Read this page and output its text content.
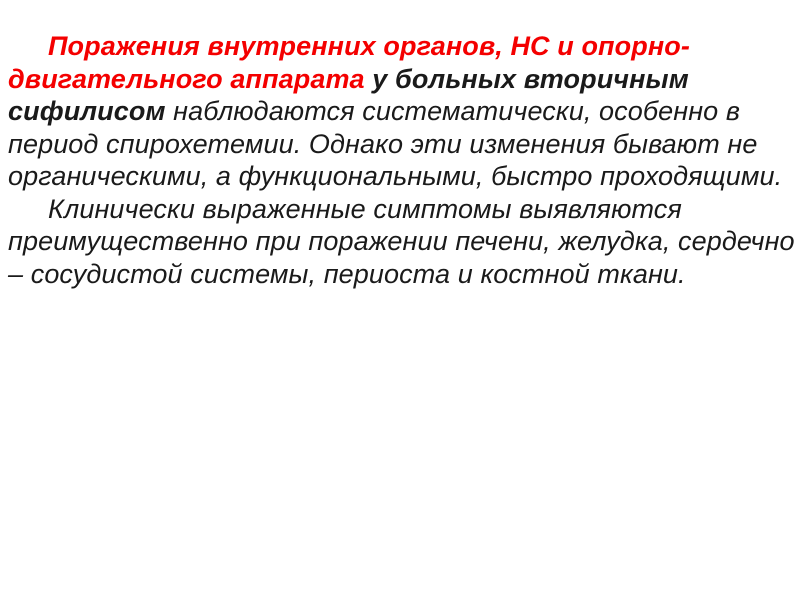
Поражения внутренних органов, НС и опорно-
двигательного аппарата у больных вторичным
сифилисом наблюдаются систематически, особенно в
период спирохетемии. Однако эти изменения бывают не
органическими, а функциональными, быстро проходящими.
Клинически выраженные симптомы выявляются
преимущественно при поражении печени, желудка, сердечно
– сосудистой системы, периоста и костной ткани.
